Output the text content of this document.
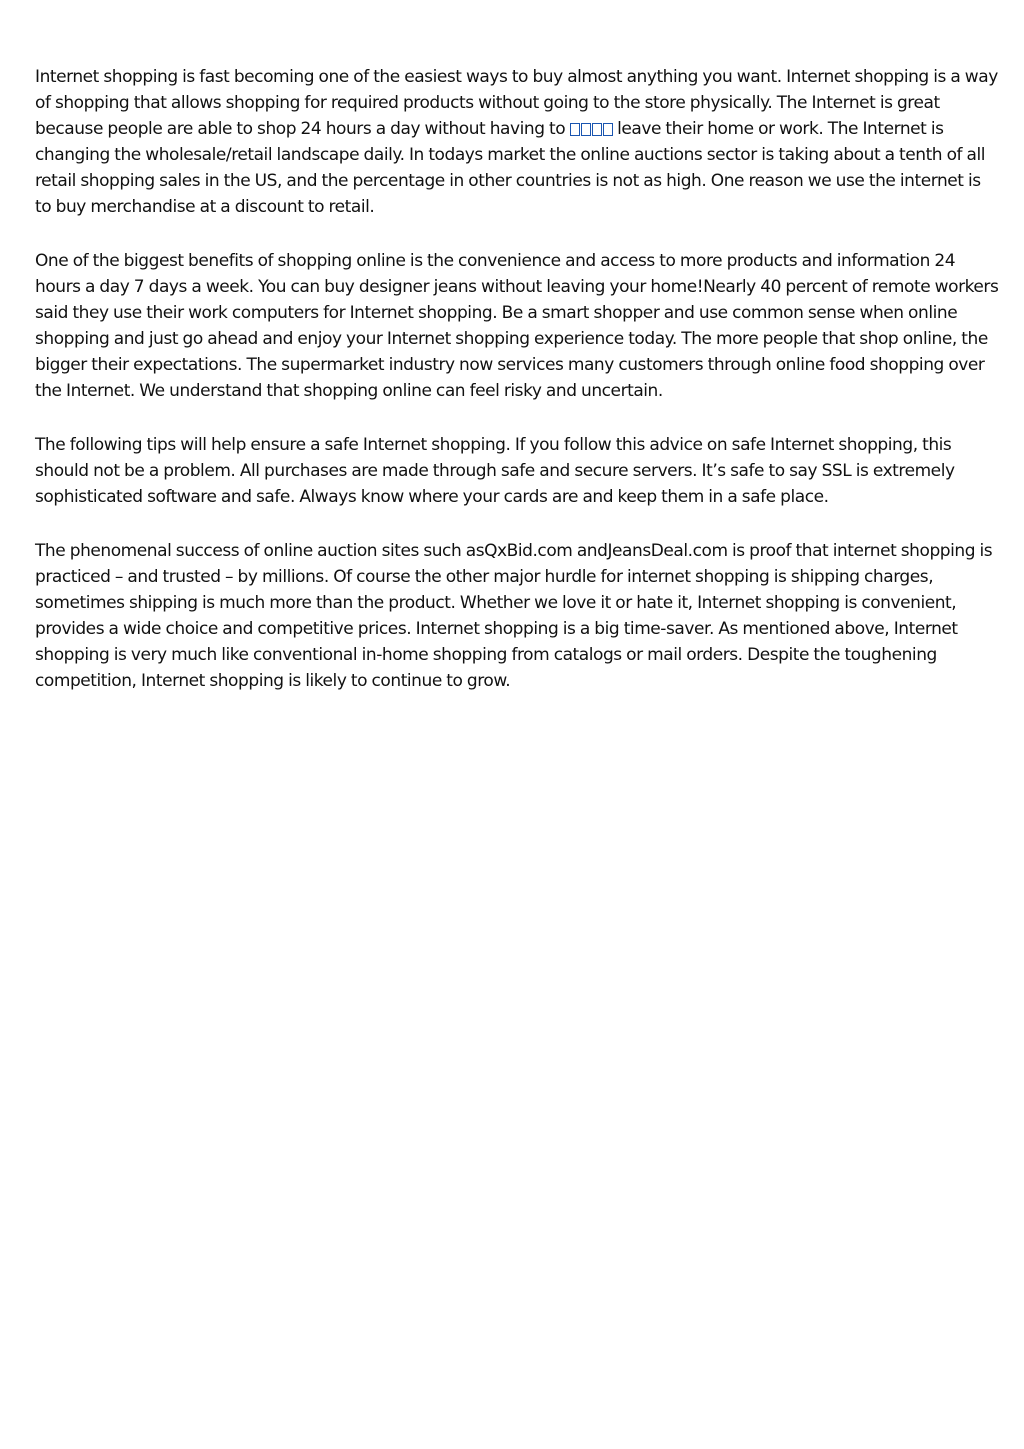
Internet shopping is fast becoming one of the easiest ways to buy almost anything you want. Internet shopping is a way of shopping that allows shopping for required products without going to the store physically. The Internet is great because people are able to shop 24 hours a day without having to	leave their home or work. The Internet is changing the wholesale/retail landscape daily. In todays market the online auctions sector is taking about a tenth of all retail shopping sales in the US, and the percentage in other countries is not as high. One reason we use the internet is to buy merchandise at a discount to retail.

One of the biggest benefits of shopping online is the convenience and access to more products and information 24 hours a day 7 days a week. You can buy designer jeans without leaving your home!Nearly 40 percent of remote workers said they use their work computers for Internet shopping. Be a smart shopper and use common sense when online shopping and just go ahead and enjoy your Internet shopping experience today. The more people that shop online, the bigger their expectations. The supermarket industry now services many customers through online food shopping over the Internet. We understand that shopping online can feel risky and uncertain.

The following tips will help ensure a safe Internet shopping. If you follow this advice on safe Internet shopping, this should not be a problem. All purchases are made through safe and secure servers. It’s safe to say SSL is extremely sophisticated software and safe. Always know where your cards are and keep them in a safe place.

The phenomenal success of online auction sites such asQxBid.com andJeansDeal.com is proof that internet shopping is practiced – and trusted – by millions. Of course the other major hurdle for internet shopping is shipping charges, sometimes shipping is much more than the product. Whether we love it or hate it, Internet shopping is convenient, provides a wide choice and competitive prices. Internet shopping is a big time-saver. As mentioned above, Internet shopping is very much like conventional in-home shopping from catalogs or mail orders. Despite the toughening competition, Internet shopping is likely to continue to grow.
